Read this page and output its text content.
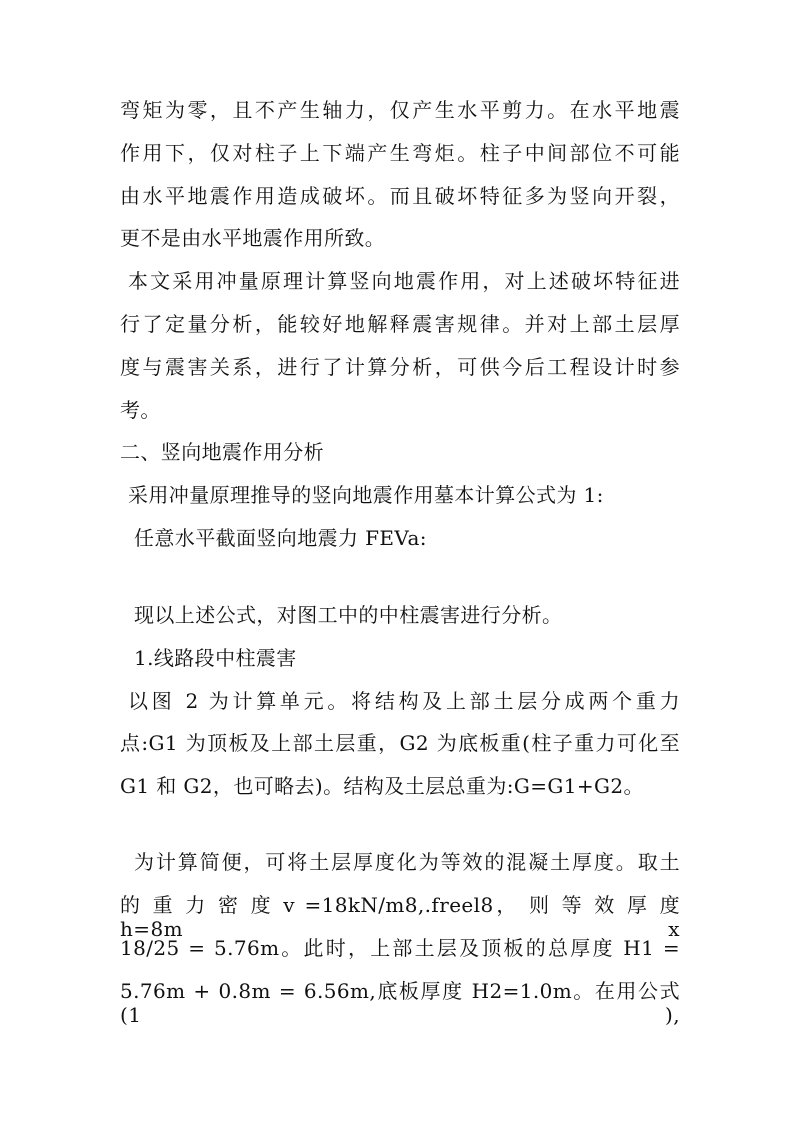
弯矩为零，且不产生轴力，仅产生水平剪力。在水平地震
作用下，仅对柱子上下端产生弯炬。柱子中间部位不可能
由水平地震作用造成破坏。而且破坏特征多为竖向开裂，
更不是由水平地震作用所致。
本文采用冲量原理计算竖向地震作用，对上述破坏特征进
行了定量分析，能较好地解释震害规律。并对上部土层厚
度与震害关系，进行了计算分析，可供今后工程设计时参
考。
二、竖向地震作用分析
采用冲量原理推导的竖向地震作用墓本计算公式为 1:
任意水平截面竖向地震力 FEVa:
现以上述公式，对图工中的中柱震害进行分析。
1.线路段中柱震害
以图 2 为计算单元。将结构及上部土层分成两个重力
点:G1 为顶板及上部土层重，G2 为底板重(柱子重力可化至
G1 和 G2，也可略去)。结构及土层总重为:G=G1+G2。
为计算简便，可将土层厚度化为等效的混凝土厚度。取土
的 重 力 密 度 v =18kN/m8,.freel8， 则 等 效 厚 度 h=8m x
18/25 = 5.76m。此时，上部土层及顶板的总厚度 H1 =
5.76m + 0.8m = 6.56m,底板厚度 H2=1.0m。在用公式(1 ),
